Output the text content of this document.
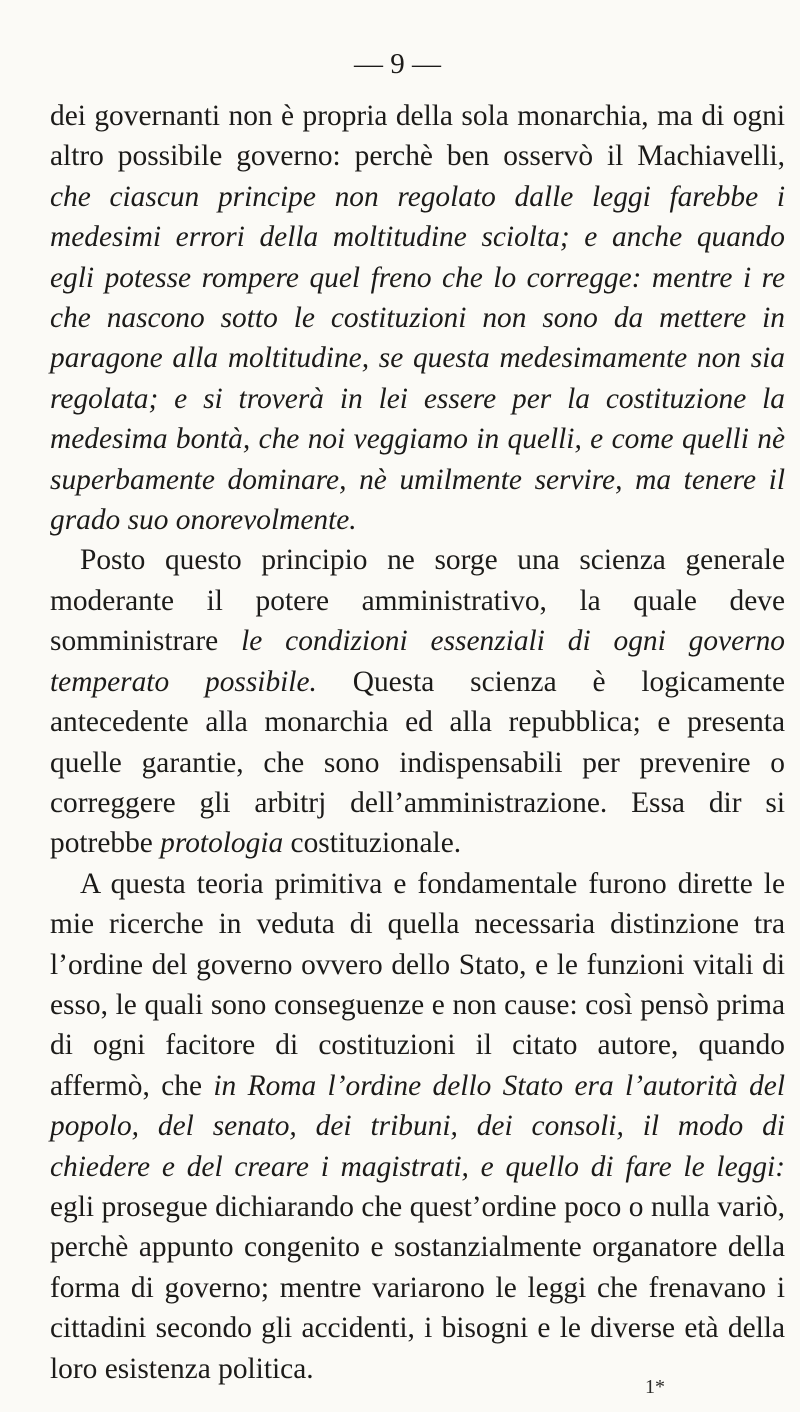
— 9 —

dei governanti non è propria della sola monarchia, ma di ogni altro possibile governo: perchè ben osservò il Machiavelli, che ciascun principe non regolato dalle leggi farebbe i medesimi errori della moltitudine sciolta; e anche quando egli potesse rompere quel freno che lo corregge: mentre i re che nascono sotto le costituzioni non sono da mettere in paragone alla moltitudine, se questa medesimamente non sia regolata; e si troverà in lei essere per la costituzione la medesima bontà, che noi veggiamo in quelli, e come quelli nè superbamente dominare, nè umilmente servire, ma tenere il grado suo onorevolmente.

Posto questo principio ne sorge una scienza generale moderante il potere amministrativo, la quale deve somministrare le condizioni essenziali di ogni governo temperato possibile. Questa scienza è logicamente antecedente alla monarchia ed alla repubblica; e presenta quelle garantie, che sono indispensabili per prevenire o correggere gli arbitrj dell’amministrazione. Essa dir si potrebbe protologia costituzionale.

A questa teoria primitiva e fondamentale furono dirette le mie ricerche in veduta di quella necessaria distinzione tra l’ordine del governo ovvero dello Stato, e le funzioni vitali di esso, le quali sono conseguenze e non cause: così pensò prima di ogni facitore di costituzioni il citato autore, quando affermò, che in Roma l’ordine dello Stato era l’autorità del popolo, del senato, dei tribuni, dei consoli, il modo di chiedere e del creare i magistrati, e quello di fare le leggi: egli prosegue dichiarando che quest’ordine poco o nulla variò, perchè appunto congenito e sostanzialmente organatore della forma di governo; mentre variarono le leggi che frenavano i cittadini secondo gli accidenti, i bisogni e le diverse età della loro esistenza politica.

1*
